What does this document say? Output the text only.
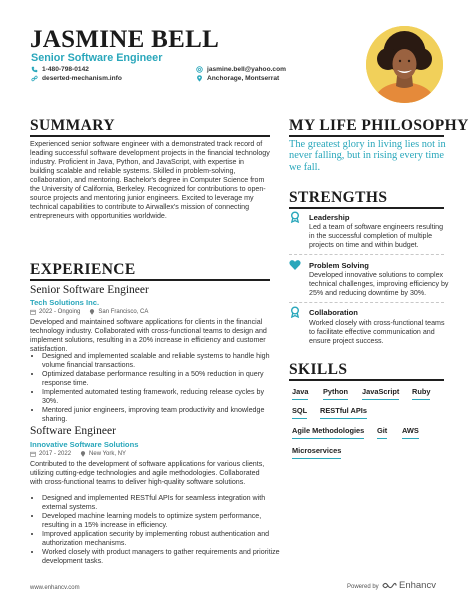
JASMINE BELL
Senior Software Engineer
1-480-798-0142	jasmine.bell@yahoo.com
deserted-mechanism.info	Anchorage, Montserrat
SUMMARY
Experienced senior software engineer with a demonstrated track record of leading successful software development projects in the financial technology industry. Proficient in Java, Python, and JavaScript, with expertise in building scalable and reliable systems. Skilled in problem-solving, collaboration, and mentoring. Bachelor's degree in Computer Science from the University of California, Berkeley. Recognized for contributions to open-source projects and mentoring junior engineers. Excited to leverage my technical capabilities to contribute to Airwallex's mission of connecting entrepreneurs with opportunities worldwide.
EXPERIENCE
Senior Software Engineer
Tech Solutions Inc.
2022 - Ongoing	San Francisco, CA
Developed and maintained software applications for clients in the financial technology industry. Collaborated with cross-functional teams to design and implement solutions, resulting in a 20% increase in efficiency and customer satisfaction.
• Designed and implemented scalable and reliable systems to handle high volume financial transactions.
• Optimized database performance resulting in a 50% reduction in query response time.
• Implemented automated testing framework, reducing release cycles by 30%.
• Mentored junior engineers, improving team productivity and knowledge sharing.
Software Engineer
Innovative Software Solutions
2017 - 2022	New York, NY
Contributed to the development of software applications for various clients, utilizing cutting-edge technologies and agile methodologies. Collaborated with cross-functional teams to deliver high-quality software solutions.
• Designed and implemented RESTful APIs for seamless integration with external systems.
• Developed machine learning models to optimize system performance, resulting in a 15% increase in efficiency.
• Improved application security by implementing robust authentication and authorization mechanisms.
• Worked closely with product managers to gather requirements and prioritize development tasks.
MY LIFE PHILOSOPHY
The greatest glory in living lies not in never falling, but in rising every time we fall.
STRENGTHS
Leadership
Led a team of software engineers resulting in the successful completion of multiple projects on time and within budget.
Problem Solving
Developed innovative solutions to complex technical challenges, improving efficiency by 25% and reducing downtime by 30%.
Collaboration
Worked closely with cross-functional teams to facilitate effective communication and ensure project success.
SKILLS
Java Python JavaScript Ruby
SQL RESTful APIs
Agile Methodologies Git AWS
Microservices
www.enhancv.com	Powered by Enhancv
